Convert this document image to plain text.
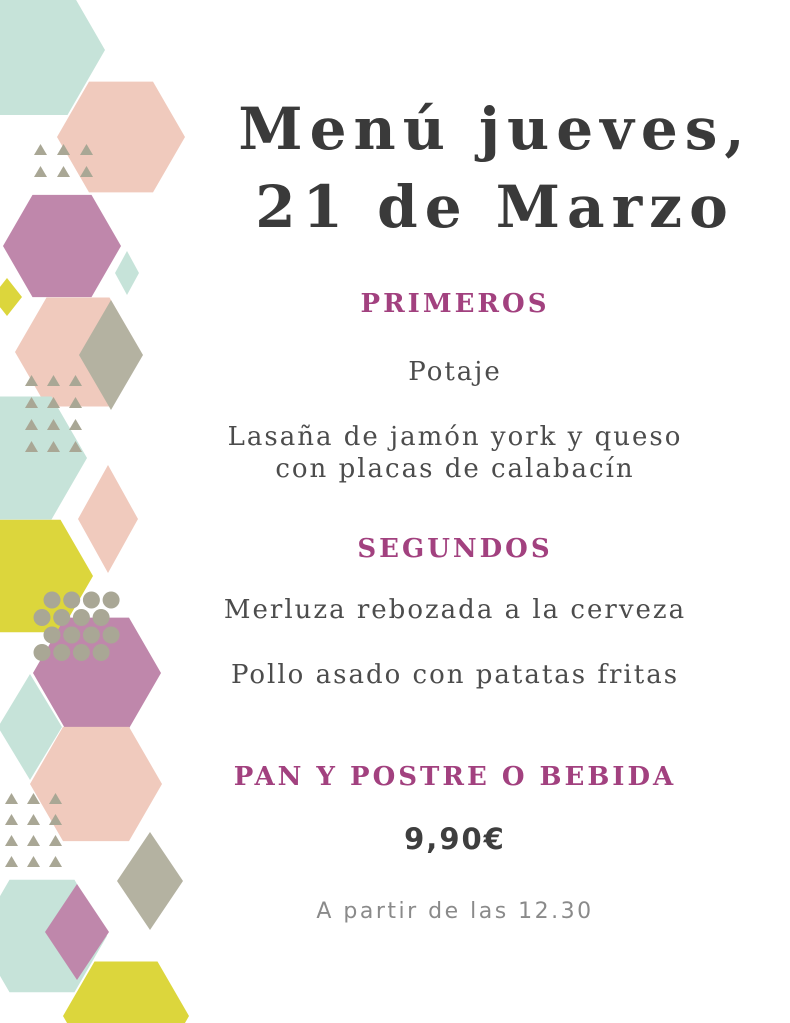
Menú jueves,
21 de Marzo
PRIMEROS
Potaje
Lasaña de jamón york y queso con placas de calabacín
SEGUNDOS
Merluza rebozada a la cerveza
Pollo asado con patatas fritas
PAN Y POSTRE O BEBIDA
9,90€
A partir de las 12.30
